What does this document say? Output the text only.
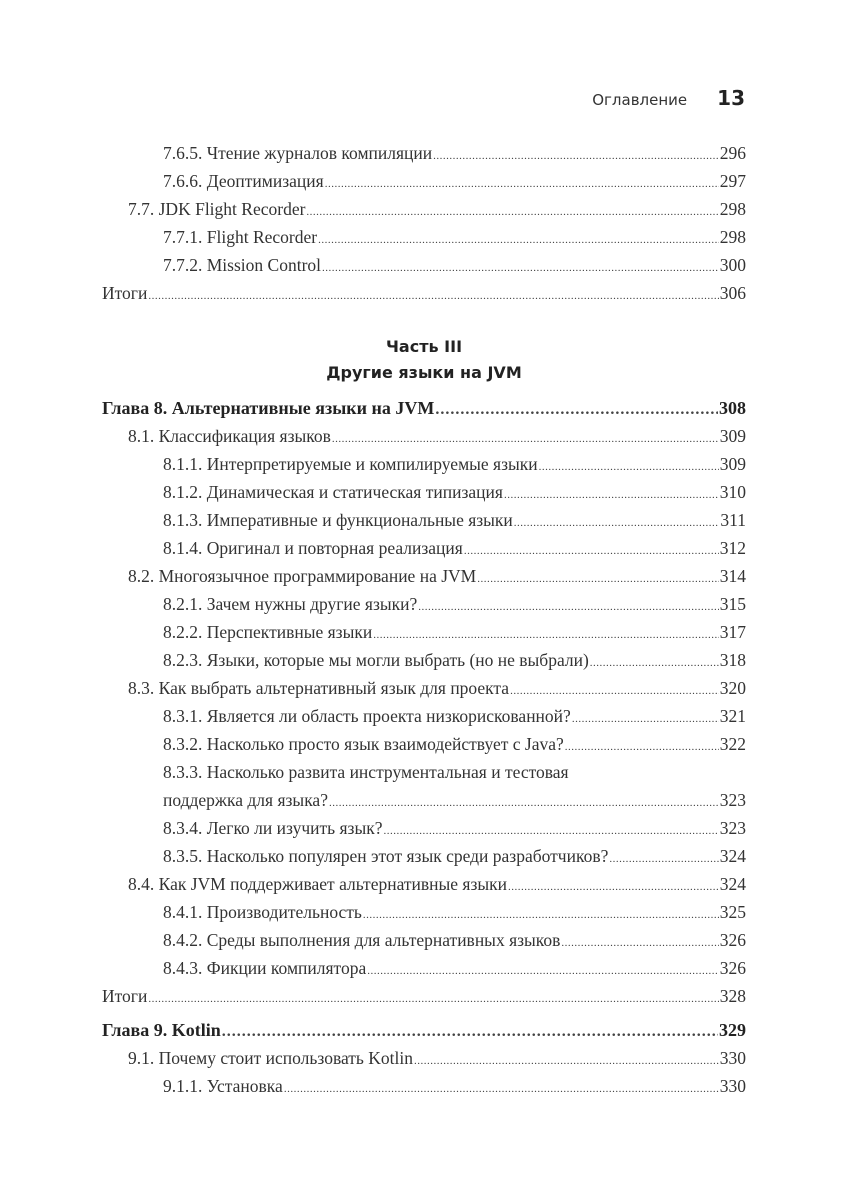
Оглавление 13
7.6.5. Чтение журналов компиляции .....	296
7.6.6. Деоптимизация .....	297
7.7. JDK Flight Recorder .....	298
7.7.1. Flight Recorder .....	298
7.7.2. Mission Control .....	300
Итоги .....	306
Часть III
Другие языки на JVM
Глава 8. Альтернативные языки на JVM .....	308
8.1. Классификация языков .....	309
8.1.1. Интерпретируемые и компилируемые языки .....	309
8.1.2. Динамическая и статическая типизация .....	310
8.1.3. Императивные и функциональные языки .....	311
8.1.4. Оригинал и повторная реализация .....	312
8.2. Многоязычное программирование на JVM .....	314
8.2.1. Зачем нужны другие языки? .....	315
8.2.2. Перспективные языки .....	317
8.2.3. Языки, которые мы могли выбрать (но не выбрали) .....	318
8.3. Как выбрать альтернативный язык для проекта .....	320
8.3.1. Является ли область проекта низкорискованной? .....	321
8.3.2. Насколько просто язык взаимодействует с Java? .....	322
8.3.3. Насколько развита инструментальная и тестовая
поддержка для языка? .....	323
8.3.4. Легко ли изучить язык? .....	323
8.3.5. Насколько популярен этот язык среди разработчиков? .....	324
8.4. Как JVM поддерживает альтернативные языки .....	324
8.4.1. Производительность .....	325
8.4.2. Среды выполнения для альтернативных языков .....	326
8.4.3. Фикции компилятора .....	326
Итоги .....	328
Глава 9. Kotlin .....	329
9.1. Почему стоит использовать Kotlin .....	330
9.1.1. Установка .....	330
